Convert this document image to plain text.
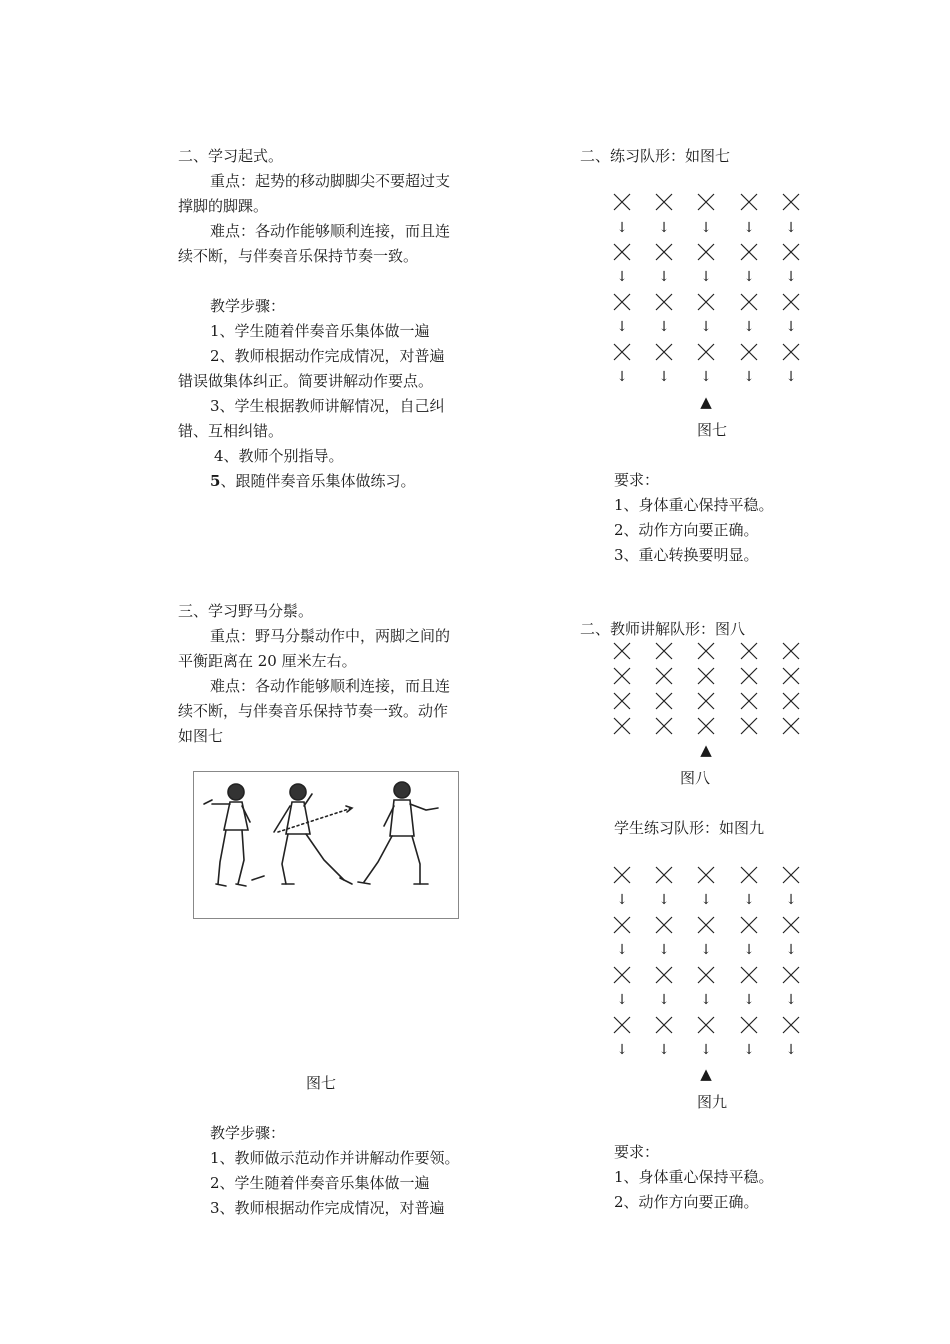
二、学习起式。
重点：起势的移动脚脚尖不要超过支
撑脚的脚踝。
难点：各动作能够顺利连接，而且连
续不断，与伴奏音乐保持节奏一致。
教学步骤：
1、学生随着伴奏音乐集体做一遍
2、教师根据动作完成情况，对普遍
错误做集体纠正。简要讲解动作要点。
3、学生根据教师讲解情况，自己纠
错、互相纠错。
4、教师个别指导。
5、跟随伴奏音乐集体做练习。
三、学习野马分鬃。
重点：野马分鬃动作中，两脚之间的
平衡距离在 20 厘米左右。
难点：各动作能够顺利连接，而且连
续不断，与伴奏音乐保持节奏一致。动作
如图七
图七
教学步骤：
1、教师做示范动作并讲解动作要领。
2、学生随着伴奏音乐集体做一遍
3、教师根据动作完成情况，对普遍
二、练习队形：如图七
↓ ↓ ↓ ↓ ↓
↓ ↓ ↓ ↓ ↓
↓ ↓ ↓ ↓ ↓
↓ ↓ ↓ ↓ ↓
▲
图七
要求：
1、身体重心保持平稳。
2、动作方向要正确。
3、重心转换要明显。
二、教师讲解队形：图八
▲
图八
学生练习队形：如图九
↓ ↓ ↓ ↓ ↓
↓ ↓ ↓ ↓ ↓
↓ ↓ ↓ ↓ ↓
↓ ↓ ↓ ↓ ↓
▲
图九
要求：
1、身体重心保持平稳。
2、动作方向要正确。
